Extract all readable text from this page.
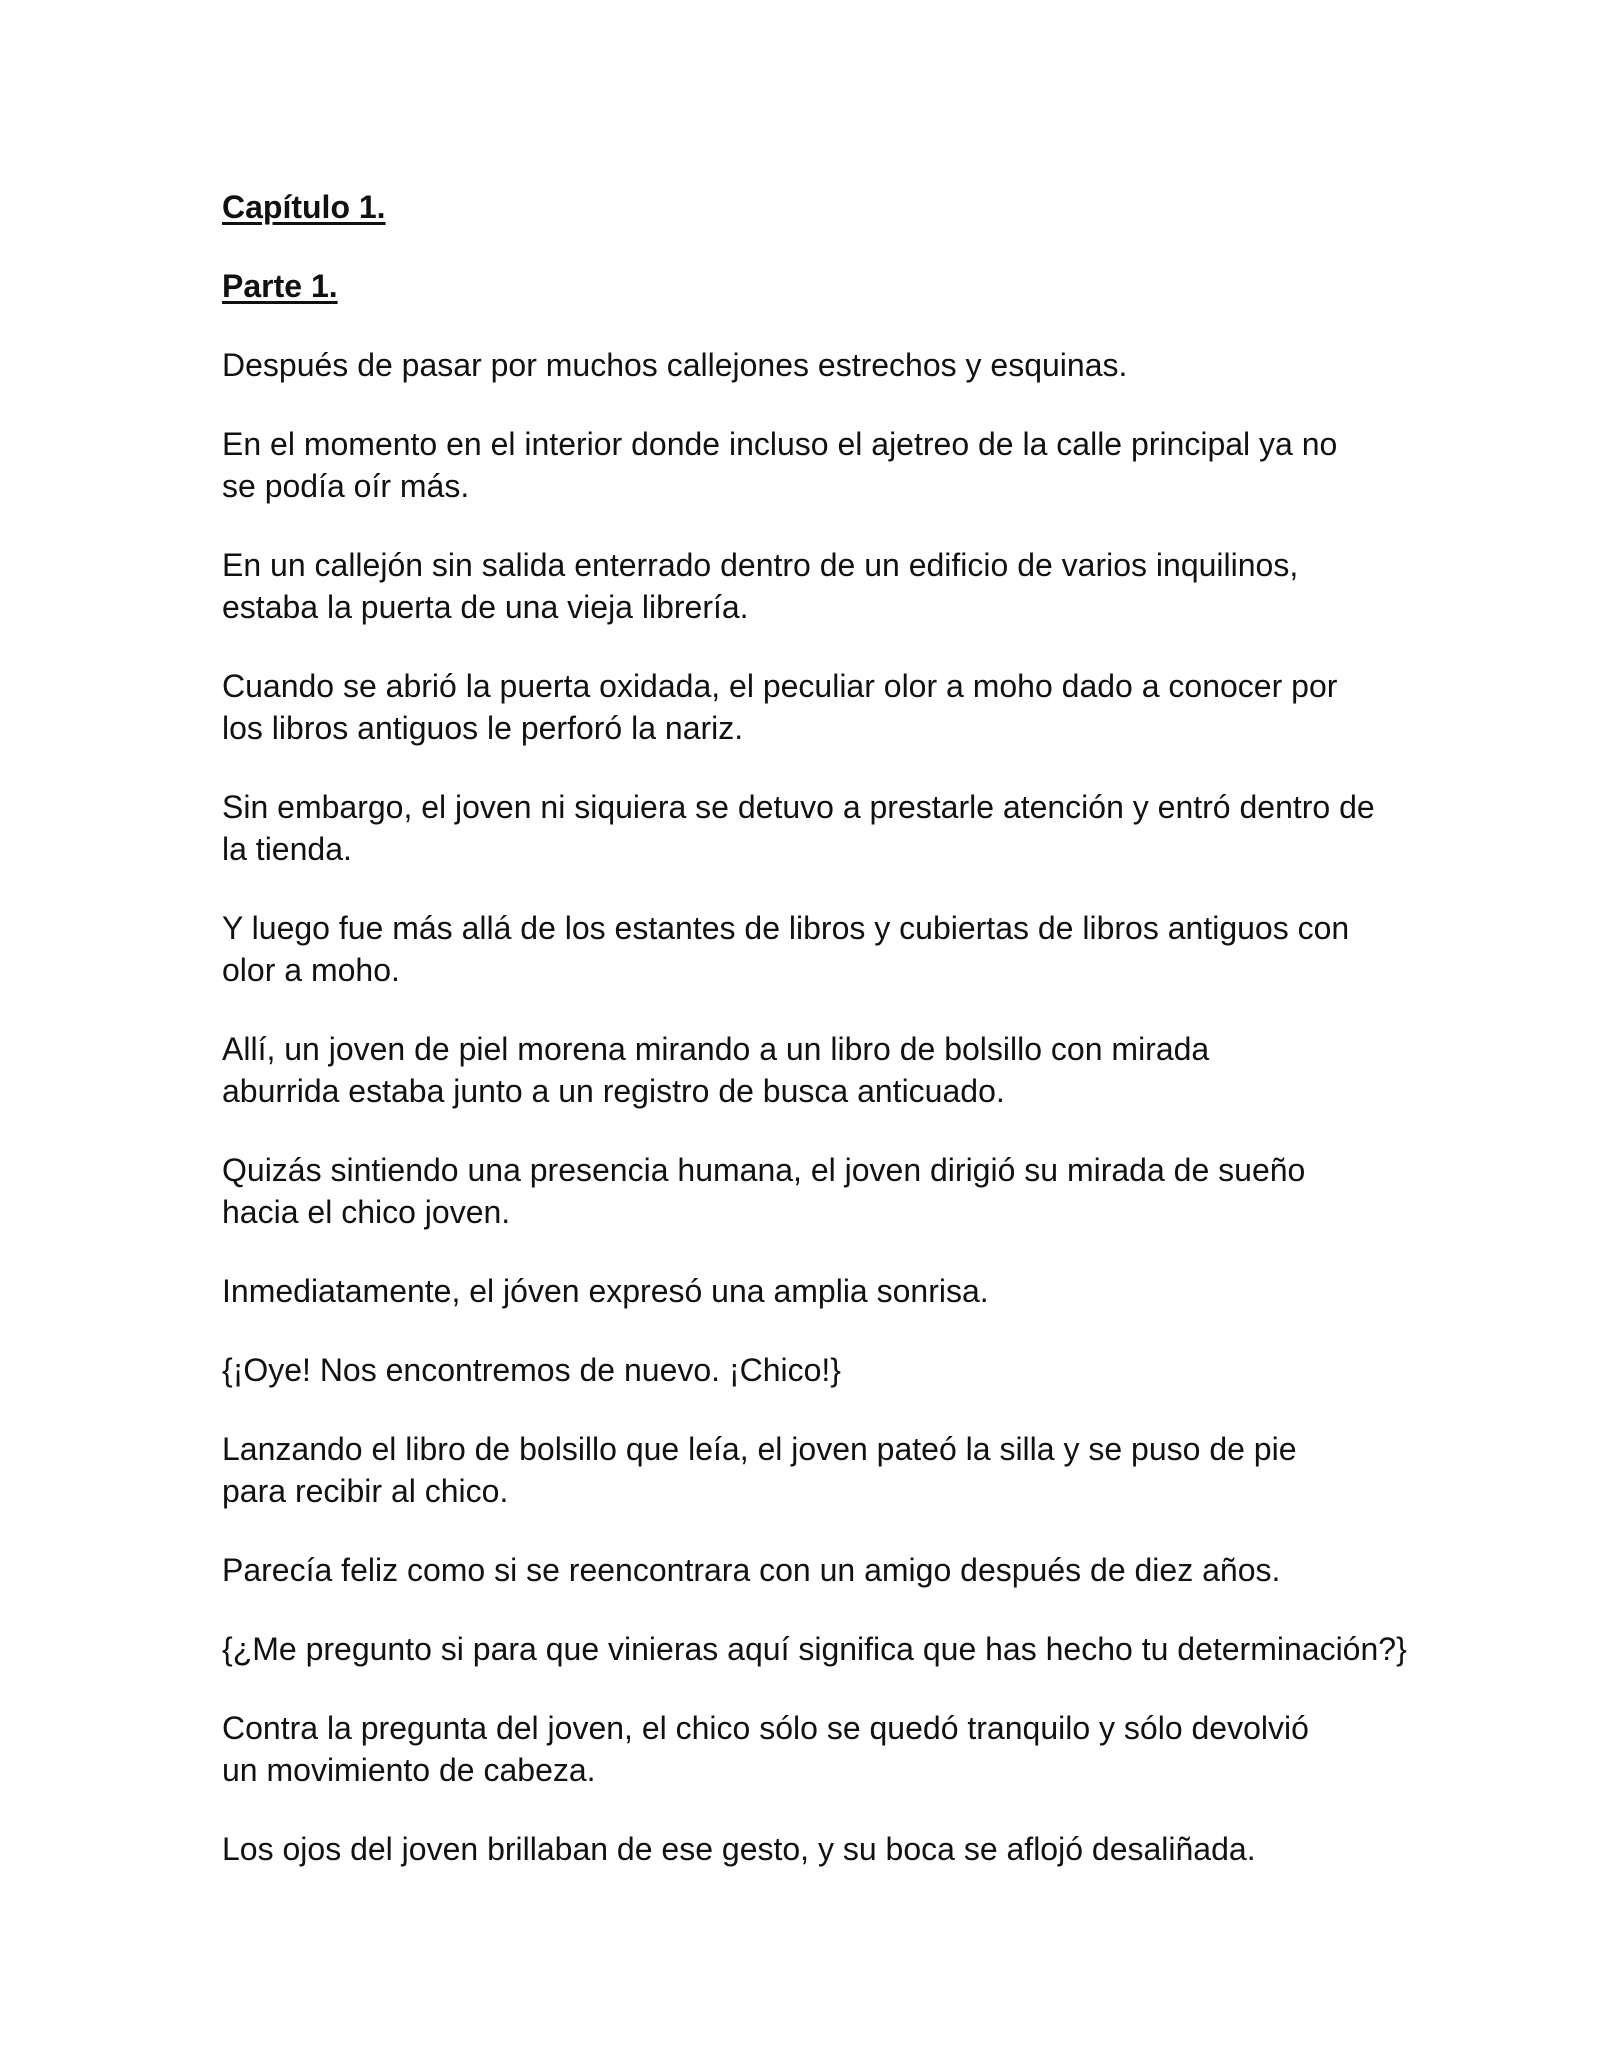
Capítulo 1.

Parte 1.

Después de pasar por muchos callejones estrechos y esquinas.

En el momento en el interior donde incluso el ajetreo de la calle principal ya no
se podía oír más.

En un callejón sin salida enterrado dentro de un edificio de varios inquilinos,
estaba la puerta de una vieja librería.

Cuando se abrió la puerta oxidada, el peculiar olor a moho dado a conocer por
los libros antiguos le perforó la nariz.

Sin embargo, el joven ni siquiera se detuvo a prestarle atención y entró dentro de
la tienda.

Y luego fue más allá de los estantes de libros y cubiertas de libros antiguos con
olor a moho.

Allí, un joven de piel morena mirando a un libro de bolsillo con mirada
aburrida estaba junto a un registro de busca anticuado.

Quizás sintiendo una presencia humana, el joven dirigió su mirada de sueño
hacia el chico joven.

Inmediatamente, el jóven expresó una amplia sonrisa.

{¡Oye! Nos encontremos de nuevo. ¡Chico!}

Lanzando el libro de bolsillo que leía, el joven pateó la silla y se puso de pie
para recibir al chico.

Parecía feliz como si se reencontrara con un amigo después de diez años.

{¿Me pregunto si para que vinieras aquí significa que has hecho tu determinación?}

Contra la pregunta del joven, el chico sólo se quedó tranquilo y sólo devolvió
un movimiento de cabeza.

Los ojos del joven brillaban de ese gesto, y su boca se aflojó desaliñada.
